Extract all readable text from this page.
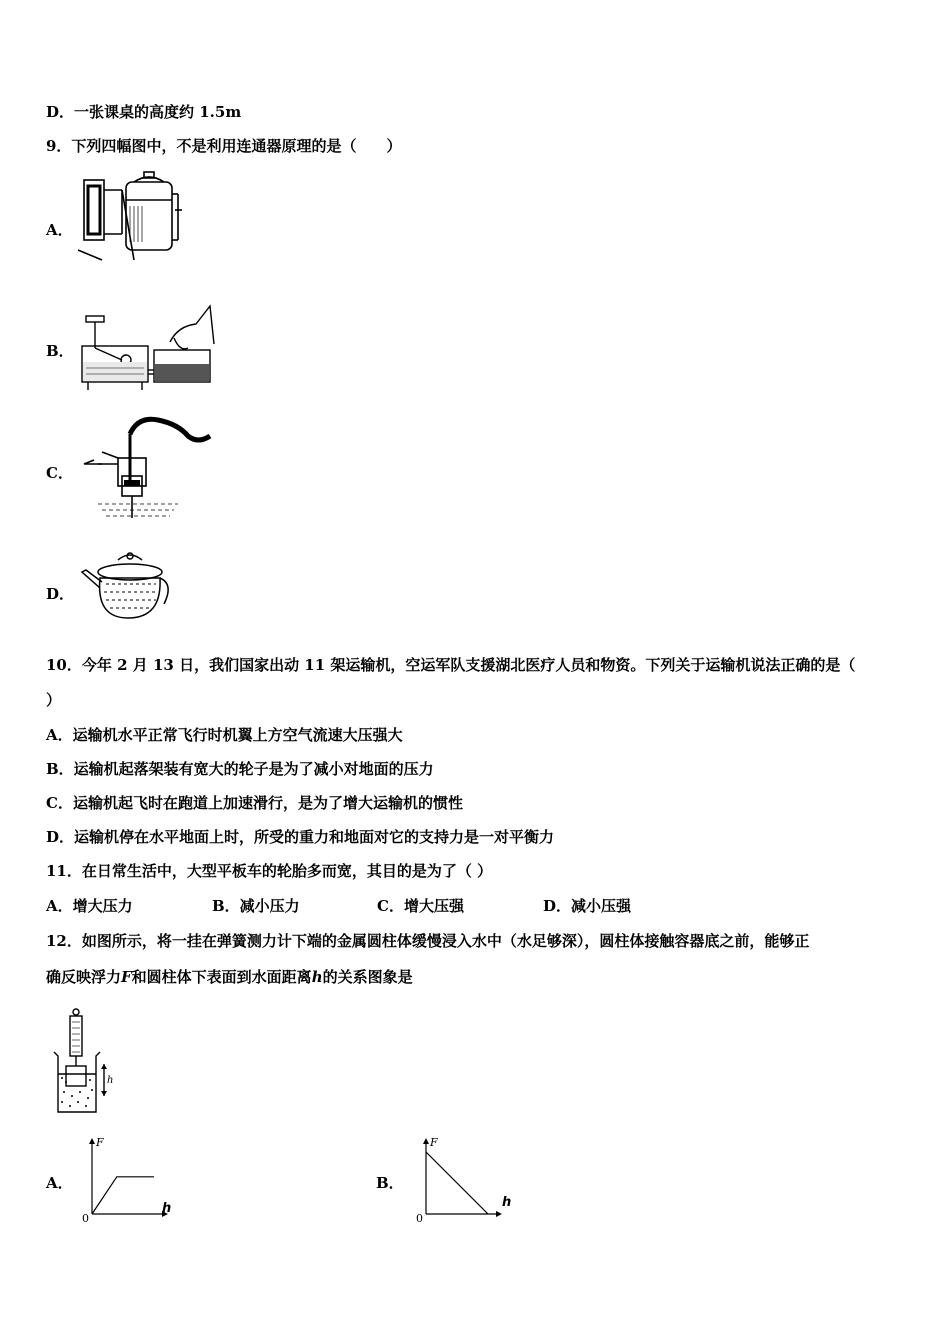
D．一张课桌的高度约 1.5m
9．下列四幅图中，不是利用连通器原理的是（　　）
A．
B．
C．
D．
10．今年 2 月 13 日，我们国家出动 11 架运输机，空运军队支援湖北医疗人员和物资。下列关于运输机说法正确的是（
）
A．运输机水平正常飞行时机翼上方空气流速大压强大
B．运输机起落架装有宽大的轮子是为了减小对地面的压力
C．运输机起飞时在跑道上加速滑行，是为了增大运输机的惯性
D．运输机停在水平地面上时，所受的重力和地面对它的支持力是一对平衡力
11．在日常生活中，大型平板车的轮胎多而宽，其目的是为了（ ）
A．增大压力	B．减小压力	C．增大压强	D．减小压强
12．如图所示，将一挂在弹簧测力计下端的金属圆柱体缓慢浸入水中（水足够深），圆柱体接触容器底之前，能够正
确反映浮力F和圆柱体下表面到水面距离h的关系图象是
h
A．
F
h
0
B．
F
h
0
